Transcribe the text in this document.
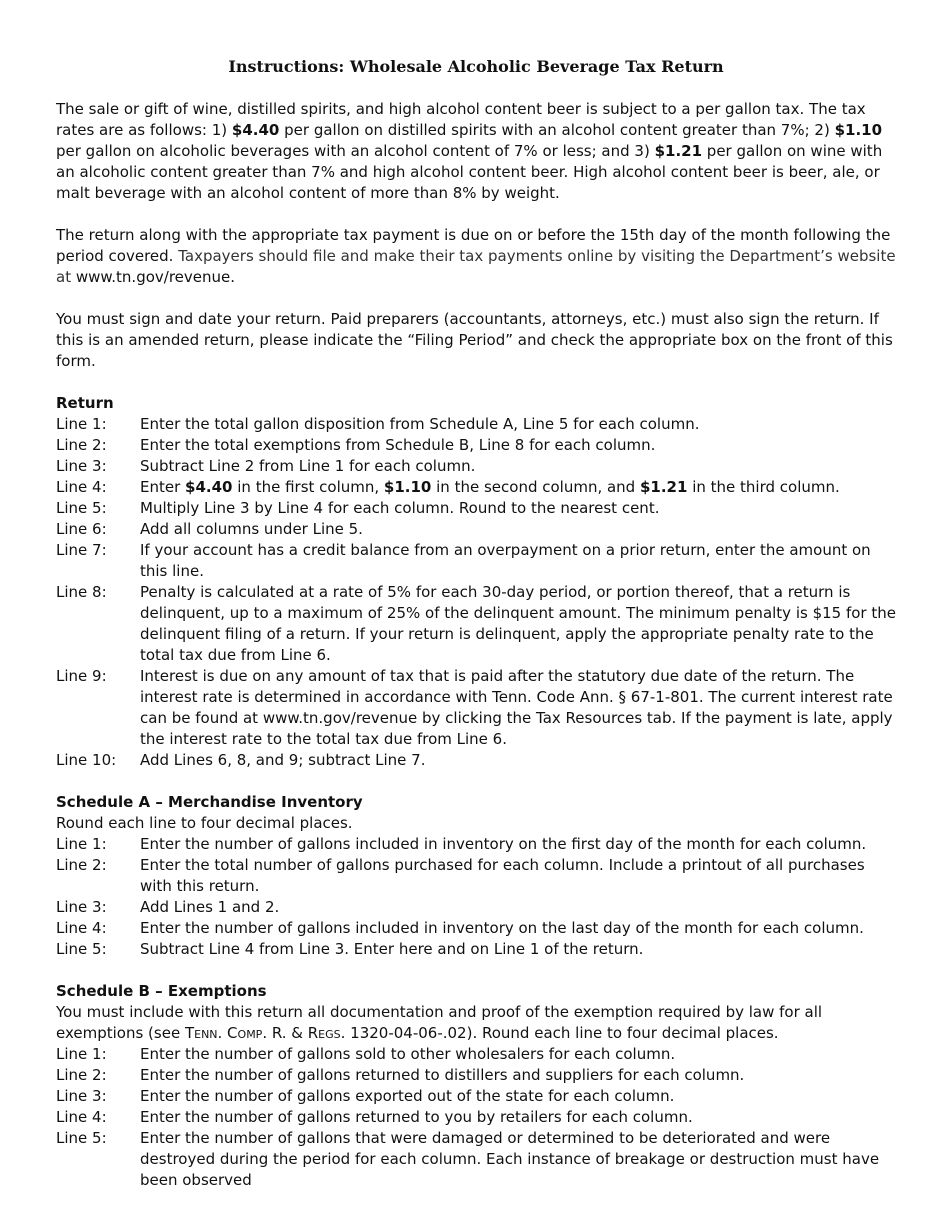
Instructions: Wholesale Alcoholic Beverage Tax Return

The sale or gift of wine, distilled spirits, and high alcohol content beer is subject to a per gallon tax. The tax rates are as follows: 1) $4.40 per gallon on distilled spirits with an alcohol content greater than 7%; 2) $1.10 per gallon on alcoholic beverages with an alcohol content of 7% or less; and 3) $1.21 per gallon on wine with an alcoholic content greater than 7% and high alcohol content beer. High alcohol content beer is beer, ale, or malt beverage with an alcohol content of more than 8% by weight.

The return along with the appropriate tax payment is due on or before the 15th day of the month following the period covered. Taxpayers should file and make their tax payments online by visiting the Department’s website at www.tn.gov/revenue.

You must sign and date your return. Paid preparers (accountants, attorneys, etc.) must also sign the return. If this is an amended return, please indicate the “Filing Period” and check the appropriate box on the front of this form.

Return
Line 1:	Enter the total gallon disposition from Schedule A, Line 5 for each column.
Line 2:	Enter the total exemptions from Schedule B, Line 8 for each column.
Line 3:	Subtract Line 2 from Line 1 for each column.
Line 4:	Enter $4.40 in the first column, $1.10 in the second column, and $1.21 in the third column.
Line 5:	Multiply Line 3 by Line 4 for each column. Round to the nearest cent.
Line 6:	Add all columns under Line 5.
Line 7:	If your account has a credit balance from an overpayment on a prior return, enter the amount on this line.
Line 8:	Penalty is calculated at a rate of 5% for each 30-day period, or portion thereof, that a return is delinquent, up to a maximum of 25% of the delinquent amount. The minimum penalty is $15 for the delinquent filing of a return. If your return is delinquent, apply the appropriate penalty rate to the total tax due from Line 6.
Line 9:	Interest is due on any amount of tax that is paid after the statutory due date of the return. The interest rate is determined in accordance with Tenn. Code Ann. § 67-1-801. The current interest rate can be found at www.tn.gov/revenue by clicking the Tax Resources tab. If the payment is late, apply the interest rate to the total tax due from Line 6.
Line 10:	Add Lines 6, 8, and 9; subtract Line 7.
Schedule A – Merchandise Inventory
Round each line to four decimal places.
Line 1:	Enter the number of gallons included in inventory on the first day of the month for each column.
Line 2:	Enter the total number of gallons purchased for each column. Include a printout of all purchases with this return.
Line 3:	Add Lines 1 and 2.
Line 4:	Enter the number of gallons included in inventory on the last day of the month for each column.
Line 5:	Subtract Line 4 from Line 3. Enter here and on Line 1 of the return.
Schedule B – Exemptions
You must include with this return all documentation and proof of the exemption required by law for all exemptions (see Tenn. Comp. R. & Regs. 1320-04-06-.02). Round each line to four decimal places.
Line 1:	Enter the number of gallons sold to other wholesalers for each column.
Line 2:	Enter the number of gallons returned to distillers and suppliers for each column.
Line 3:	Enter the number of gallons exported out of the state for each column.
Line 4:	Enter the number of gallons returned to you by retailers for each column.
Line 5:	Enter the number of gallons that were damaged or determined to be deteriorated and were destroyed during the period for each column. Each instance of breakage or destruction must have been observed
